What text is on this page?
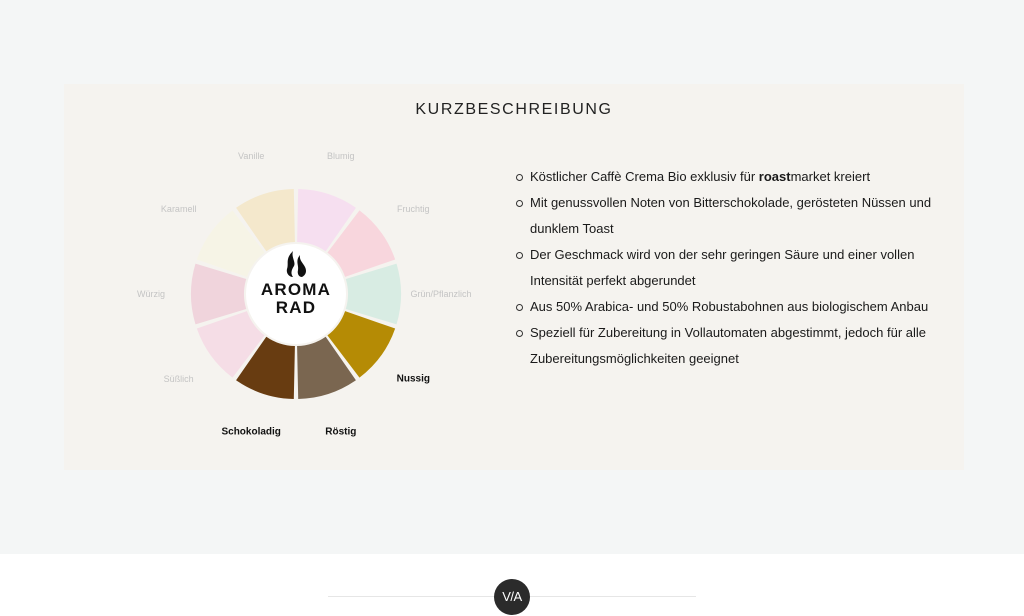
KURZBESCHREIBUNG
Blumig
Fruchtig
Grün/Pflanzlich
Nussig
Röstig
Schokoladig
Süßlich
Würzig
Karamell
Vanille
AROMA
RAD
Köstlicher Caffè Crema Bio exklusiv für roastmarket kreiert
Mit genussvollen Noten von Bitterschokolade, gerösteten Nüssen und dunklem Toast
Der Geschmack wird von der sehr geringen Säure und einer vollen Intensität perfekt abgerundet
Aus 50% Arabica- und 50% Robustabohnen aus biologischem Anbau
Speziell für Zubereitung in Vollautomaten abgestimmt, jedoch für alle Zubereitungsmöglichkeiten geeignet
V/A
